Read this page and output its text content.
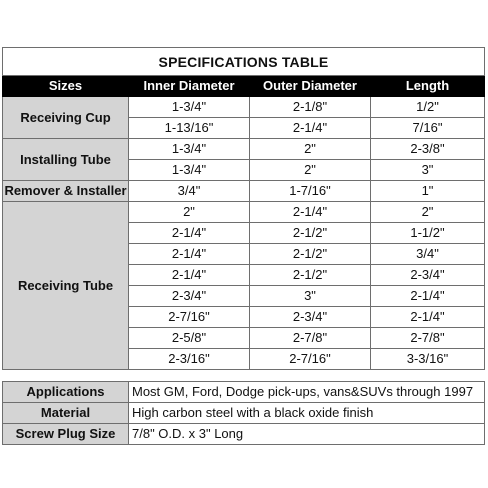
SPECIFICATIONS TABLE			
Sizes	Inner Diameter	Outer Diameter	Length
Receiving Cup	1-3/4"	2-1/8"	1/2"
	1-13/16"	2-1/4"	7/16"
Installing Tube	1-3/4"	2"	2-3/8"
	1-3/4"	2"	3"
Remover & Installer	3/4"	1-7/16"	1"
Receiving Tube	2"	2-1/4"	2"
	2-1/4"	2-1/2"	1-1/2"
	2-1/4"	2-1/2"	3/4"
	2-1/4"	2-1/2"	2-3/4"
	2-3/4"	3"	2-1/4"
	2-7/16"	2-3/4"	2-1/4"
	2-5/8"	2-7/8"	2-7/8"
	2-3/16"	2-7/16"	3-3/16"
Applications	Most GM, Ford, Dodge pick-ups, vans&SUVs through 1997
Material	High carbon steel with a black oxide finish
Screw Plug Size	7/8" O.D. x 3" Long
